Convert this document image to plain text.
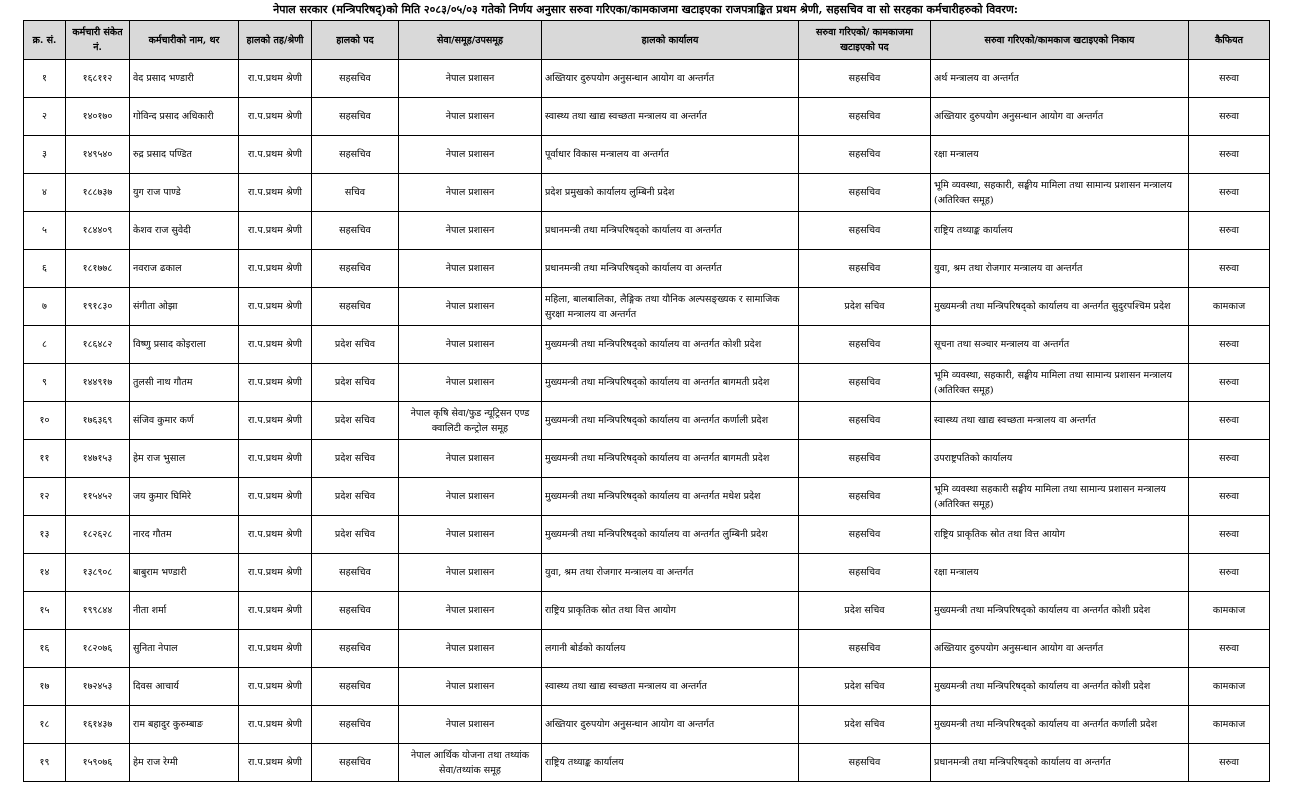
नेपाल सरकार (मन्त्रिपरिषद्)को मिति २०८३/०५/०३ गतेको निर्णय अनुसार सरुवा गरिएका/कामकाजमा खटाइएका राजपत्राङ्कित प्रथम श्रेणी, सहसचिव वा सो सरहका कर्मचारीहरुको विवरण:
क्र. सं.	कर्मचारी संकेत नं.	कर्मचारीको नाम, थर	हालको तह/श्रेणी	हालको पद	सेवा/समूह/उपसमूह	हालको कार्यालय	सरुवा गरिएको/ कामकाजमा खटाइएको पद	सरुवा गरिएको/कामकाज खटाइएको निकाय	कैफियत
१	१६८११२	वेद प्रसाद भण्डारी	रा.प.प्रथम श्रेणी	सहसचिव	नेपाल प्रशासन	अख्तियार दुरुपयोग अनुसन्धान आयोग वा अन्तर्गत	सहसचिव	अर्थ मन्त्रालय वा अन्तर्गत	सरुवा
२	१४०१७०	गोविन्द प्रसाद अधिकारी	रा.प.प्रथम श्रेणी	सहसचिव	नेपाल प्रशासन	स्वास्थ्य तथा खाद्य स्वच्छता मन्त्रालय वा अन्तर्गत	सहसचिव	अख्तियार दुरुपयोग अनुसन्धान आयोग वा अन्तर्गत	सरुवा
३	१४९५४०	रुद्र प्रसाद पण्डित	रा.प.प्रथम श्रेणी	सहसचिव	नेपाल प्रशासन	पूर्वाधार विकास मन्त्रालय वा अन्तर्गत	सहसचिव	रक्षा मन्त्रालय	सरुवा
४	१८८७३७	युग राज पाण्डे	रा.प.प्रथम श्रेणी	सचिव	नेपाल प्रशासन	प्रदेश प्रमुखको कार्यालय लुम्बिनी प्रदेश	सहसचिव	भूमि व्यवस्था, सहकारी, सङ्घीय मामिला तथा सामान्य प्रशासन मन्त्रालय (अतिरिक्त समूह)	सरुवा
५	१८४४०९	केशव राज सुवेदी	रा.प.प्रथम श्रेणी	सहसचिव	नेपाल प्रशासन	प्रधानमन्त्री तथा मन्त्रिपरिषद्को कार्यालय वा अन्तर्गत	सहसचिव	राष्ट्रिय तथ्याङ्क कार्यालय	सरुवा
६	१८१७७८	नवराज ढकाल	रा.प.प्रथम श्रेणी	सहसचिव	नेपाल प्रशासन	प्रधानमन्त्री तथा मन्त्रिपरिषद्को कार्यालय वा अन्तर्गत	सहसचिव	युवा, श्रम तथा रोजगार मन्त्रालय वा अन्तर्गत	सरुवा
७	१९१८३०	संगीता ओझा	रा.प.प्रथम श्रेणी	सहसचिव	नेपाल प्रशासन	महिला, बालबालिका, लैङ्गिक तथा यौनिक अल्पसङ्ख्यक र सामाजिक सुरक्षा मन्त्रालय वा अन्तर्गत	प्रदेश सचिव	मुख्यमन्त्री तथा मन्त्रिपरिषद्को कार्यालय वा अन्तर्गत सुदुरपश्चिम प्रदेश	कामकाज
८	१८६४८२	विष्णु प्रसाद कोइराला	रा.प.प्रथम श्रेणी	प्रदेश सचिव	नेपाल प्रशासन	मुख्यमन्त्री तथा मन्त्रिपरिषद्को कार्यालय वा अन्तर्गत कोशी प्रदेश	सहसचिव	सूचना तथा सञ्चार मन्त्रालय वा अन्तर्गत	सरुवा
९	१४४९१७	तुलसी नाथ गौतम	रा.प.प्रथम श्रेणी	प्रदेश सचिव	नेपाल प्रशासन	मुख्यमन्त्री तथा मन्त्रिपरिषद्को कार्यालय वा अन्तर्गत बागमती प्रदेश	सहसचिव	भूमि व्यवस्था, सहकारी, सङ्घीय मामिला तथा सामान्य प्रशासन मन्त्रालय (अतिरिक्त समूह)	सरुवा
१०	१७६३६९	संजिव कुमार कर्ण	रा.प.प्रथम श्रेणी	प्रदेश सचिव	नेपाल कृषि सेवा/फुड न्यूट्रिसन एण्ड क्वालिटी कन्ट्रोल समूह	मुख्यमन्त्री तथा मन्त्रिपरिषद्को कार्यालय वा अन्तर्गत कर्णाली प्रदेश	सहसचिव	स्वास्थ्य तथा खाद्य स्वच्छता मन्त्रालय वा अन्तर्गत	सरुवा
११	१४७१५३	हेम राज भुसाल	रा.प.प्रथम श्रेणी	प्रदेश सचिव	नेपाल प्रशासन	मुख्यमन्त्री तथा मन्त्रिपरिषद्को कार्यालय वा अन्तर्गत बागमती प्रदेश	सहसचिव	उपराष्ट्रपतिको कार्यालय	सरुवा
१२	११५४५२	जय कुमार घिमिरे	रा.प.प्रथम श्रेणी	प्रदेश सचिव	नेपाल प्रशासन	मुख्यमन्त्री तथा मन्त्रिपरिषद्को कार्यालय वा अन्तर्गत मधेश प्रदेश	सहसचिव	भूमि व्यवस्था सहकारी सङ्घीय मामिला तथा सामान्य प्रशासन मन्त्रालय (अतिरिक्त समूह)	सरुवा
१३	१८२६२८	नारद गौतम	रा.प.प्रथम श्रेणी	प्रदेश सचिव	नेपाल प्रशासन	मुख्यमन्त्री तथा मन्त्रिपरिषद्को कार्यालय वा अन्तर्गत लुम्बिनी प्रदेश	सहसचिव	राष्ट्रिय प्राकृतिक स्रोत तथा वित्त आयोग	सरुवा
१४	१३८९०८	बाबुराम भण्डारी	रा.प.प्रथम श्रेणी	सहसचिव	नेपाल प्रशासन	युवा, श्रम तथा रोजगार मन्त्रालय वा अन्तर्गत	सहसचिव	रक्षा मन्त्रालय	सरुवा
१५	१९९८४४	नीता शर्मा	रा.प.प्रथम श्रेणी	सहसचिव	नेपाल प्रशासन	राष्ट्रिय प्राकृतिक स्रोत तथा वित्त आयोग	प्रदेश सचिव	मुख्यमन्त्री तथा मन्त्रिपरिषद्को कार्यालय वा अन्तर्गत कोशी प्रदेश	कामकाज
१६	१८२०७६	सुनिता नेपाल	रा.प.प्रथम श्रेणी	सहसचिव	नेपाल प्रशासन	लगानी बोर्डको कार्यालय	सहसचिव	अख्तियार दुरुपयोग अनुसन्धान आयोग वा अन्तर्गत	सरुवा
१७	१७२४५३	दिवस आचार्य	रा.प.प्रथम श्रेणी	सहसचिव	नेपाल प्रशासन	स्वास्थ्य तथा खाद्य स्वच्छता मन्त्रालय वा अन्तर्गत	प्रदेश सचिव	मुख्यमन्त्री तथा मन्त्रिपरिषद्को कार्यालय वा अन्तर्गत कोशी प्रदेश	कामकाज
१८	१६१४३७	राम बहादुर कुरुम्बाङ	रा.प.प्रथम श्रेणी	सहसचिव	नेपाल प्रशासन	अख्तियार दुरुपयोग अनुसन्धान आयोग वा अन्तर्गत	प्रदेश सचिव	मुख्यमन्त्री तथा मन्त्रिपरिषद्को कार्यालय वा अन्तर्गत कर्णाली प्रदेश	कामकाज
१९	१५९०७६	हेम राज रेग्मी	रा.प.प्रथम श्रेणी	सहसचिव	नेपाल आर्थिक योजना तथा तथ्यांक सेवा/तथ्यांक समूह	राष्ट्रिय तथ्याङ्क कार्यालय	सहसचिव	प्रधानमन्त्री तथा मन्त्रिपरिषद्को कार्यालय वा अन्तर्गत	सरुवा
